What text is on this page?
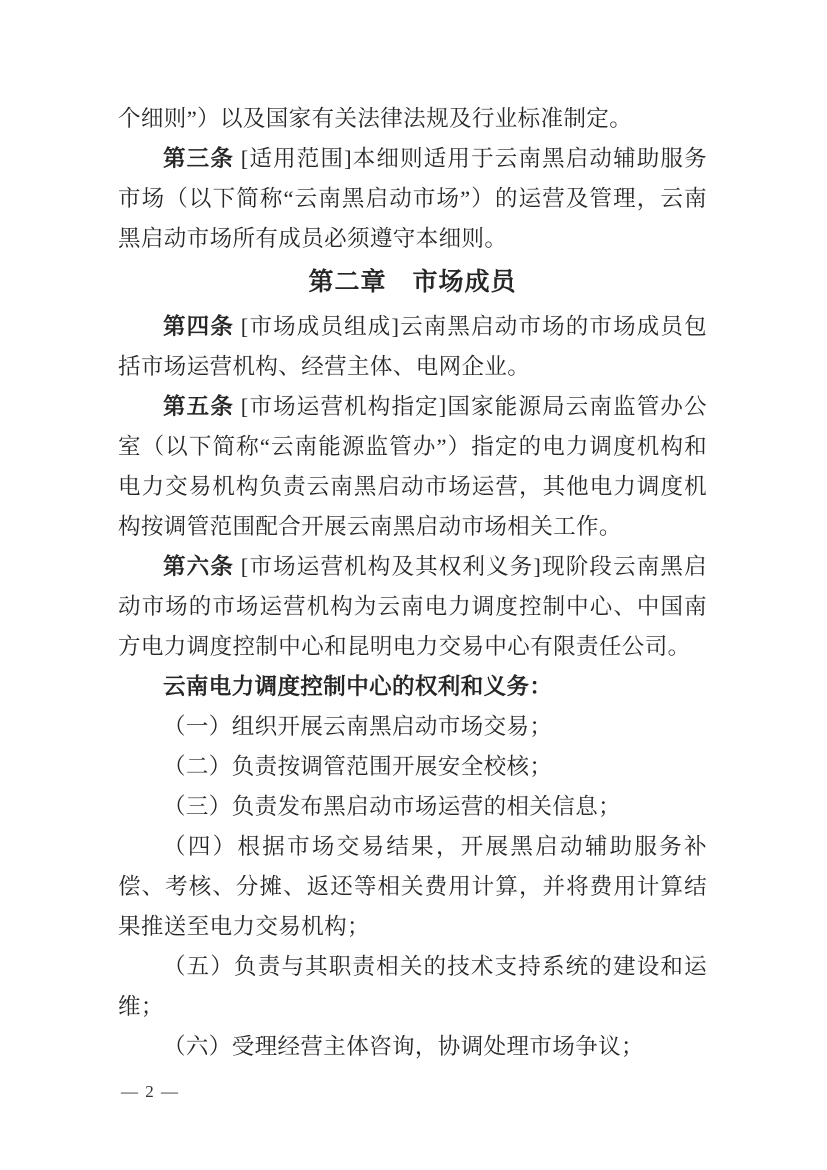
个细则”）以及国家有关法律法规及行业标准制定。

第三条 [适用范围]本细则适用于云南黑启动辅助服务市场（以下简称“云南黑启动市场”）的运营及管理，云南黑启动市场所有成员必须遵守本细则。

第二章　市场成员

第四条 [市场成员组成]云南黑启动市场的市场成员包括市场运营机构、经营主体、电网企业。

第五条 [市场运营机构指定]国家能源局云南监管办公室（以下简称“云南能源监管办”）指定的电力调度机构和电力交易机构负责云南黑启动市场运营，其他电力调度机构按调管范围配合开展云南黑启动市场相关工作。

第六条 [市场运营机构及其权利义务]现阶段云南黑启动市场的市场运营机构为云南电力调度控制中心、中国南方电力调度控制中心和昆明电力交易中心有限责任公司。

云南电力调度控制中心的权利和义务：

（一）组织开展云南黑启动市场交易；

（二）负责按调管范围开展安全校核；

（三）负责发布黑启动市场运营的相关信息；

（四）根据市场交易结果，开展黑启动辅助服务补偿、考核、分摊、返还等相关费用计算，并将费用计算结果推送至电力交易机构；

（五）负责与其职责相关的技术支持系统的建设和运维；

（六）受理经营主体咨询，协调处理市场争议；

— 2 —
